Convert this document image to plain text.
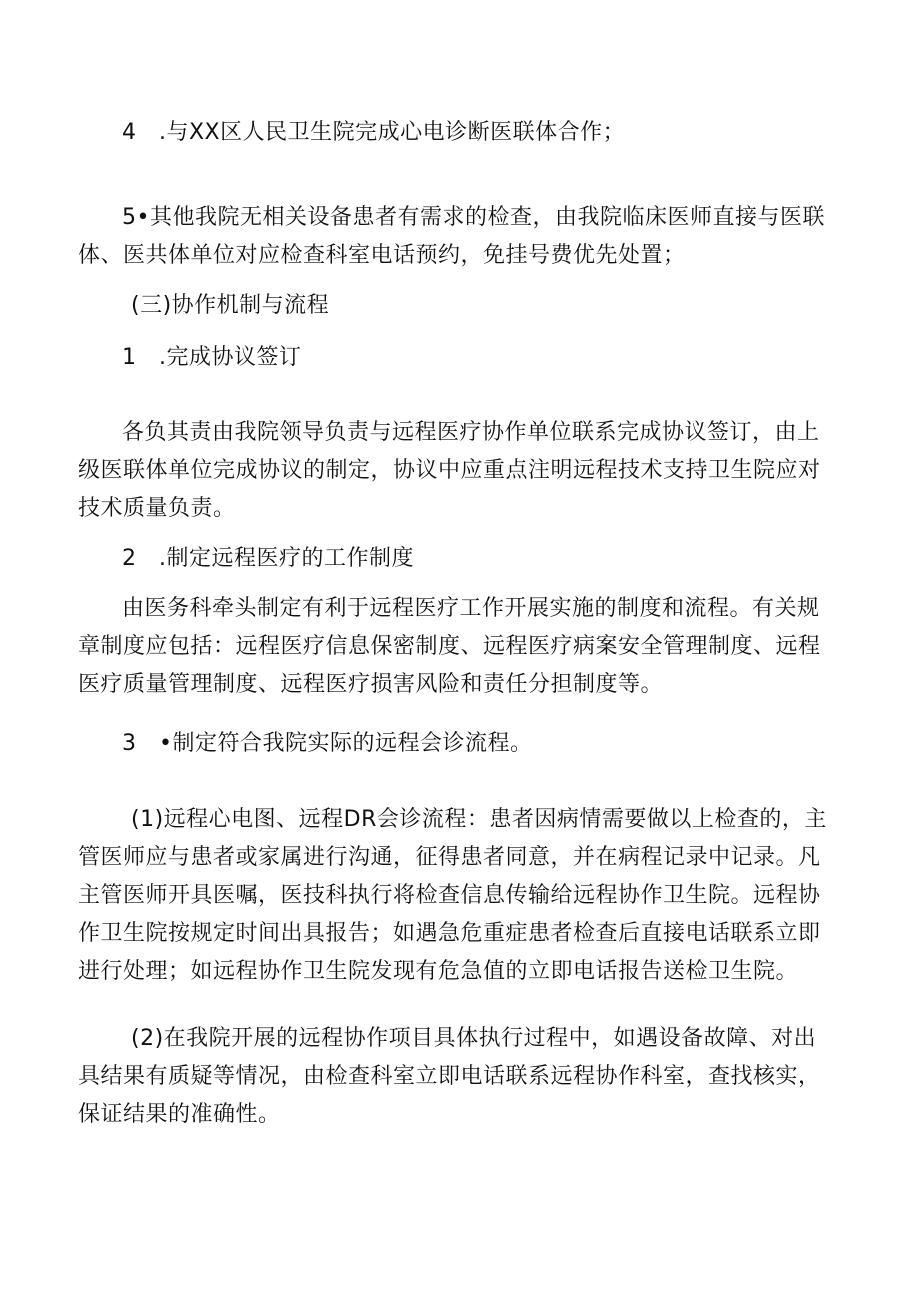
4　.与XX区人民卫生院完成心电诊断医联体合作；

5•其他我院无相关设备患者有需求的检查，由我院临床医师直接与医联
体、医共体单位对应检查科室电话预约，免挂号费优先处置；

(三)协作机制与流程

1　.完成协议签订

各负其责由我院领导负责与远程医疗协作单位联系完成协议签订，由上
级医联体单位完成协议的制定，协议中应重点注明远程技术支持卫生院应对
技术质量负责。

2　.制定远程医疗的工作制度

由医务科牵头制定有利于远程医疗工作开展实施的制度和流程。有关规
章制度应包括：远程医疗信息保密制度、远程医疗病案安全管理制度、远程
医疗质量管理制度、远程医疗损害风险和责任分担制度等。

3　•制定符合我院实际的远程会诊流程。

(1)远程心电图、远程DR会诊流程：患者因病情需要做以上检查的，主
管医师应与患者或家属进行沟通，征得患者同意，并在病程记录中记录。凡
主管医师开具医嘱，医技科执行将检查信息传输给远程协作卫生院。远程协
作卫生院按规定时间出具报告；如遇急危重症患者检查后直接电话联系立即
进行处理；如远程协作卫生院发现有危急值的立即电话报告送检卫生院。

(2)在我院开展的远程协作项目具体执行过程中，如遇设备故障、对出
具结果有质疑等情况，由检查科室立即电话联系远程协作科室，查找核实，
保证结果的准确性。
